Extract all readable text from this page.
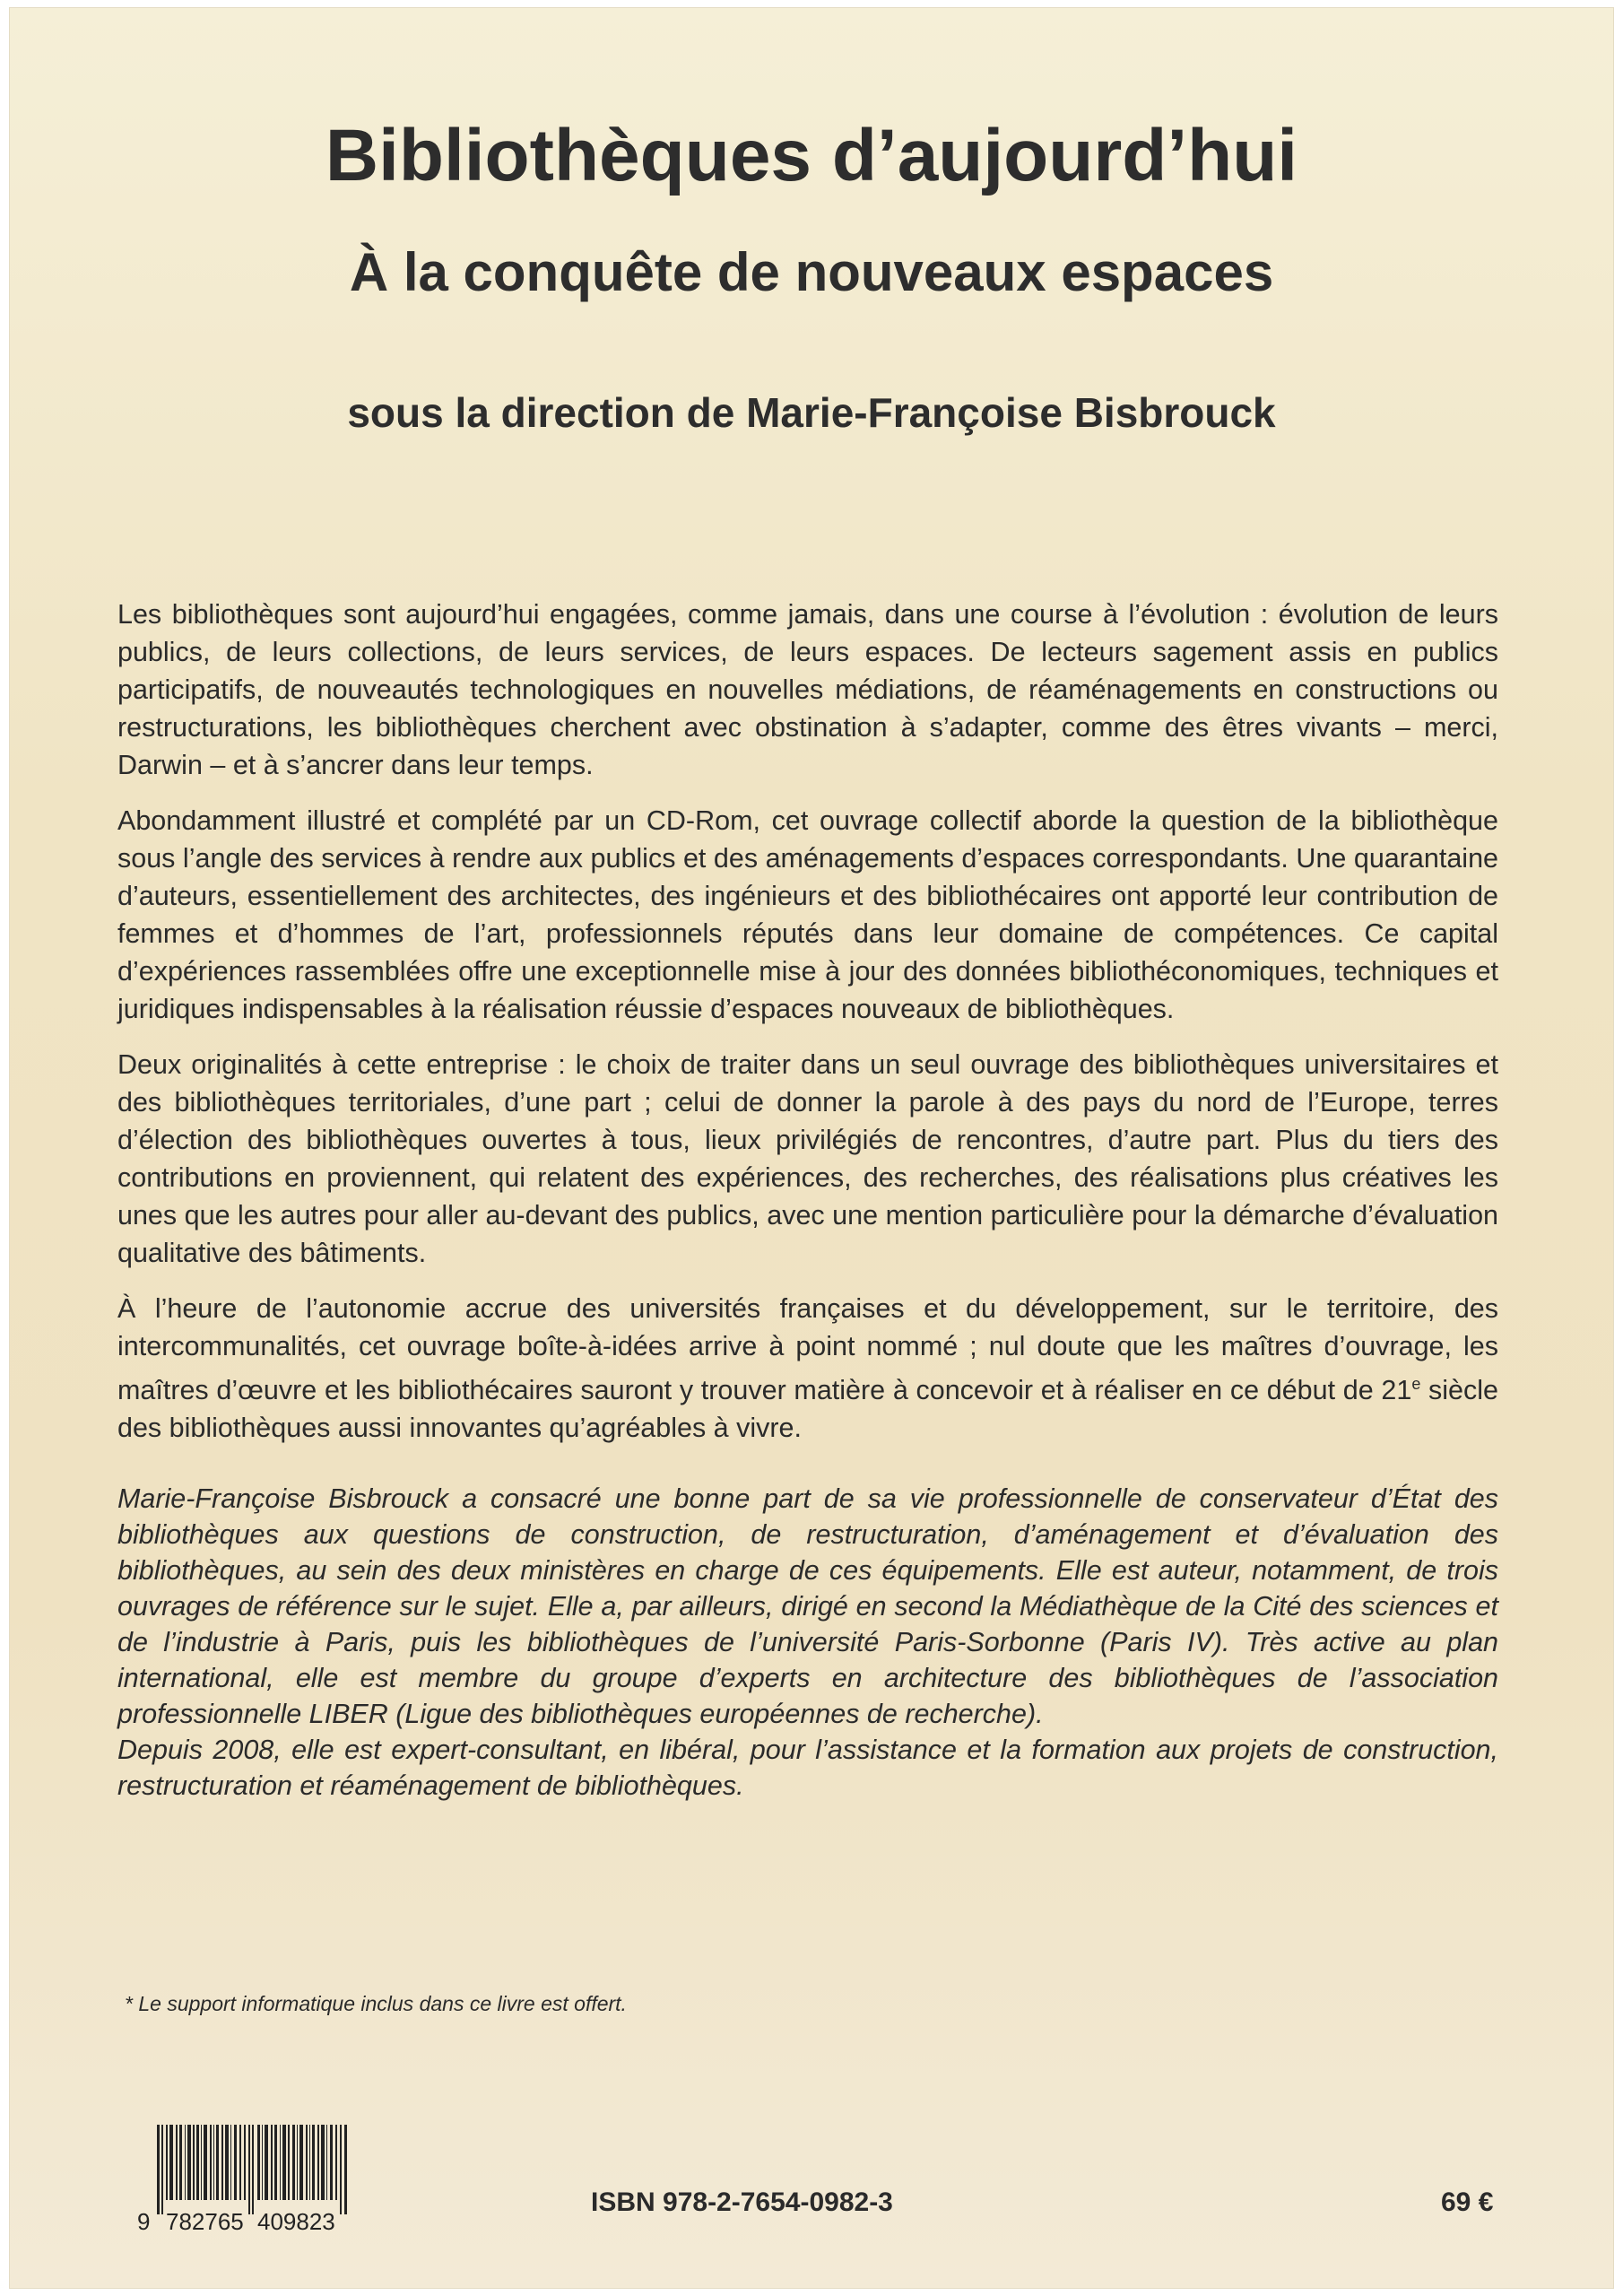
Bibliothèques d’aujourd’hui
À la conquête de nouveaux espaces
sous la direction de Marie-Françoise Bisbrouck

Les bibliothèques sont aujourd’hui engagées, comme jamais, dans une course à l’évolution : évolution de leurs publics, de leurs collections, de leurs services, de leurs espaces. De lecteurs sagement assis en publics participatifs, de nouveautés technologiques en nouvelles médiations, de réaménagements en constructions ou restructurations, les bibliothèques cherchent avec obstination à s’adapter, comme des êtres vivants – merci, Darwin – et à s’ancrer dans leur temps.

Abondamment illustré et complété par un CD-Rom, cet ouvrage collectif aborde la question de la bibliothèque sous l’angle des services à rendre aux publics et des aménagements d’espaces correspondants. Une quarantaine d’auteurs, essentiellement des architectes, des ingénieurs et des bibliothécaires ont apporté leur contribution de femmes et d’hommes de l’art, professionnels réputés dans leur domaine de compétences. Ce capital d’expériences rassemblées offre une exceptionnelle mise à jour des données bibliothéconomiques, techniques et juridiques indispensables à la réalisation réussie d’espaces nouveaux de bibliothèques.

Deux originalités à cette entreprise : le choix de traiter dans un seul ouvrage des bibliothèques universitaires et des bibliothèques territoriales, d’une part ; celui de donner la parole à des pays du nord de l’Europe, terres d’élection des bibliothèques ouvertes à tous, lieux privilégiés de rencontres, d’autre part. Plus du tiers des contributions en proviennent, qui relatent des expériences, des recherches, des réalisations plus créatives les unes que les autres pour aller au-devant des publics, avec une mention particulière pour la démarche d’évaluation qualitative des bâtiments.

À l’heure de l’autonomie accrue des universités françaises et du développement, sur le territoire, des intercommunalités, cet ouvrage boîte-à-idées arrive à point nommé ; nul doute que les maîtres d’ouvrage, les maîtres d’œuvre et les bibliothécaires sauront y trouver matière à concevoir et à réaliser en ce début de 21e siècle des bibliothèques aussi innovantes qu’agréables à vivre.

Marie-Françoise Bisbrouck a consacré une bonne part de sa vie professionnelle de conservateur d’État des bibliothèques aux questions de construction, de restructuration, d’aménagement et d’évaluation des bibliothèques, au sein des deux ministères en charge de ces équipements. Elle est auteur, notamment, de trois ouvrages de référence sur le sujet. Elle a, par ailleurs, dirigé en second la Médiathèque de la Cité des sciences et de l’industrie à Paris, puis les bibliothèques de l’université Paris-Sorbonne (Paris IV). Très active au plan international, elle est membre du groupe d’experts en architecture des bibliothèques de l’association professionnelle LIBER (Ligue des bibliothèques européennes de recherche).

Depuis 2008, elle est expert-consultant, en libéral, pour l’assistance et la formation aux projets de construction, restructuration et réaménagement de bibliothèques.

* Le support informatique inclus dans ce livre est offert.
9 782765 409823
ISBN 978-2-7654-0982-3	69 €
